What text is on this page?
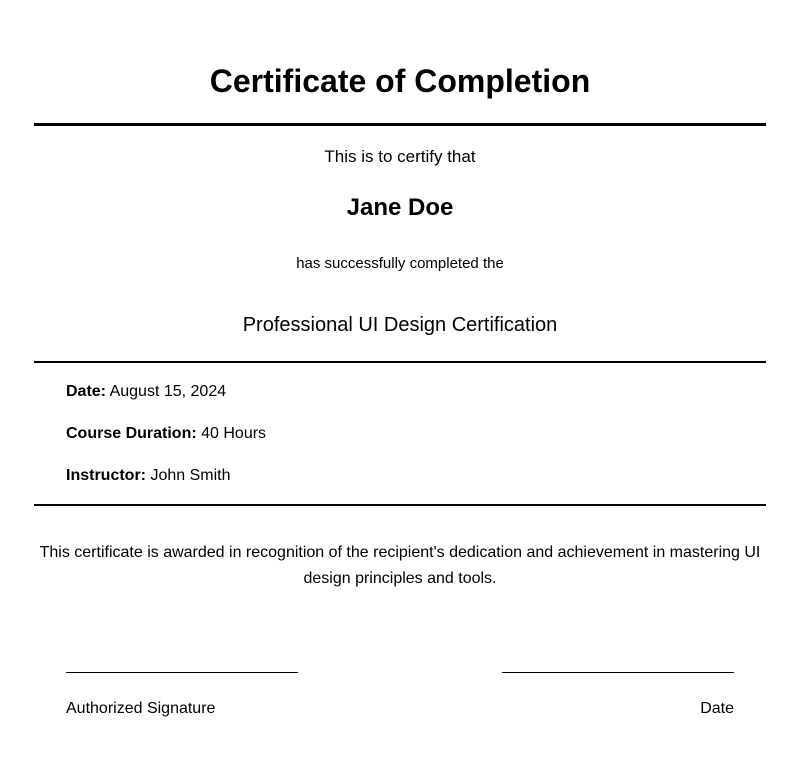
Certificate of Completion
This is to certify that
Jane Doe
has successfully completed the
Professional UI Design Certification
Date: August 15, 2024
Course Duration: 40 Hours
Instructor: John Smith
This certificate is awarded in recognition of the recipient's dedication and achievement in mastering UI design principles and tools.
Authorized Signature	Date
